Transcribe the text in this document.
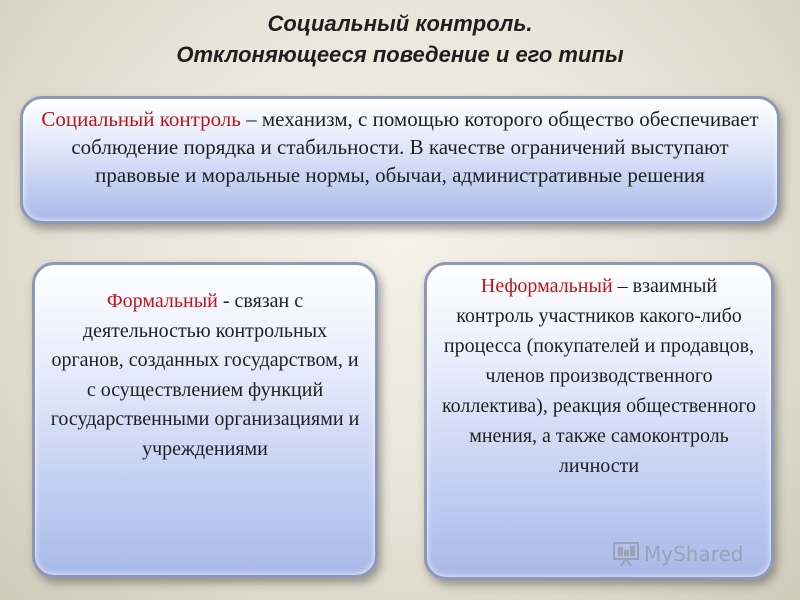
Социальный контроль.
Отклоняющееся поведение и его типы
Социальный контроль – механизм, с помощью которого общество обеспечивает соблюдение порядка и стабильности. В качестве ограничений выступают правовые и моральные нормы, обычаи, административные решения
Формальный - связан с деятельностью контрольных органов, созданных государством, и с осуществлением функций государственными организациями и учреждениями
Неформальный – взаимный контроль участников какого-либо процесса (покупателей и продавцов, членов производственного коллектива), реакция общественного мнения, а также самоконтроль личности
MyShared
